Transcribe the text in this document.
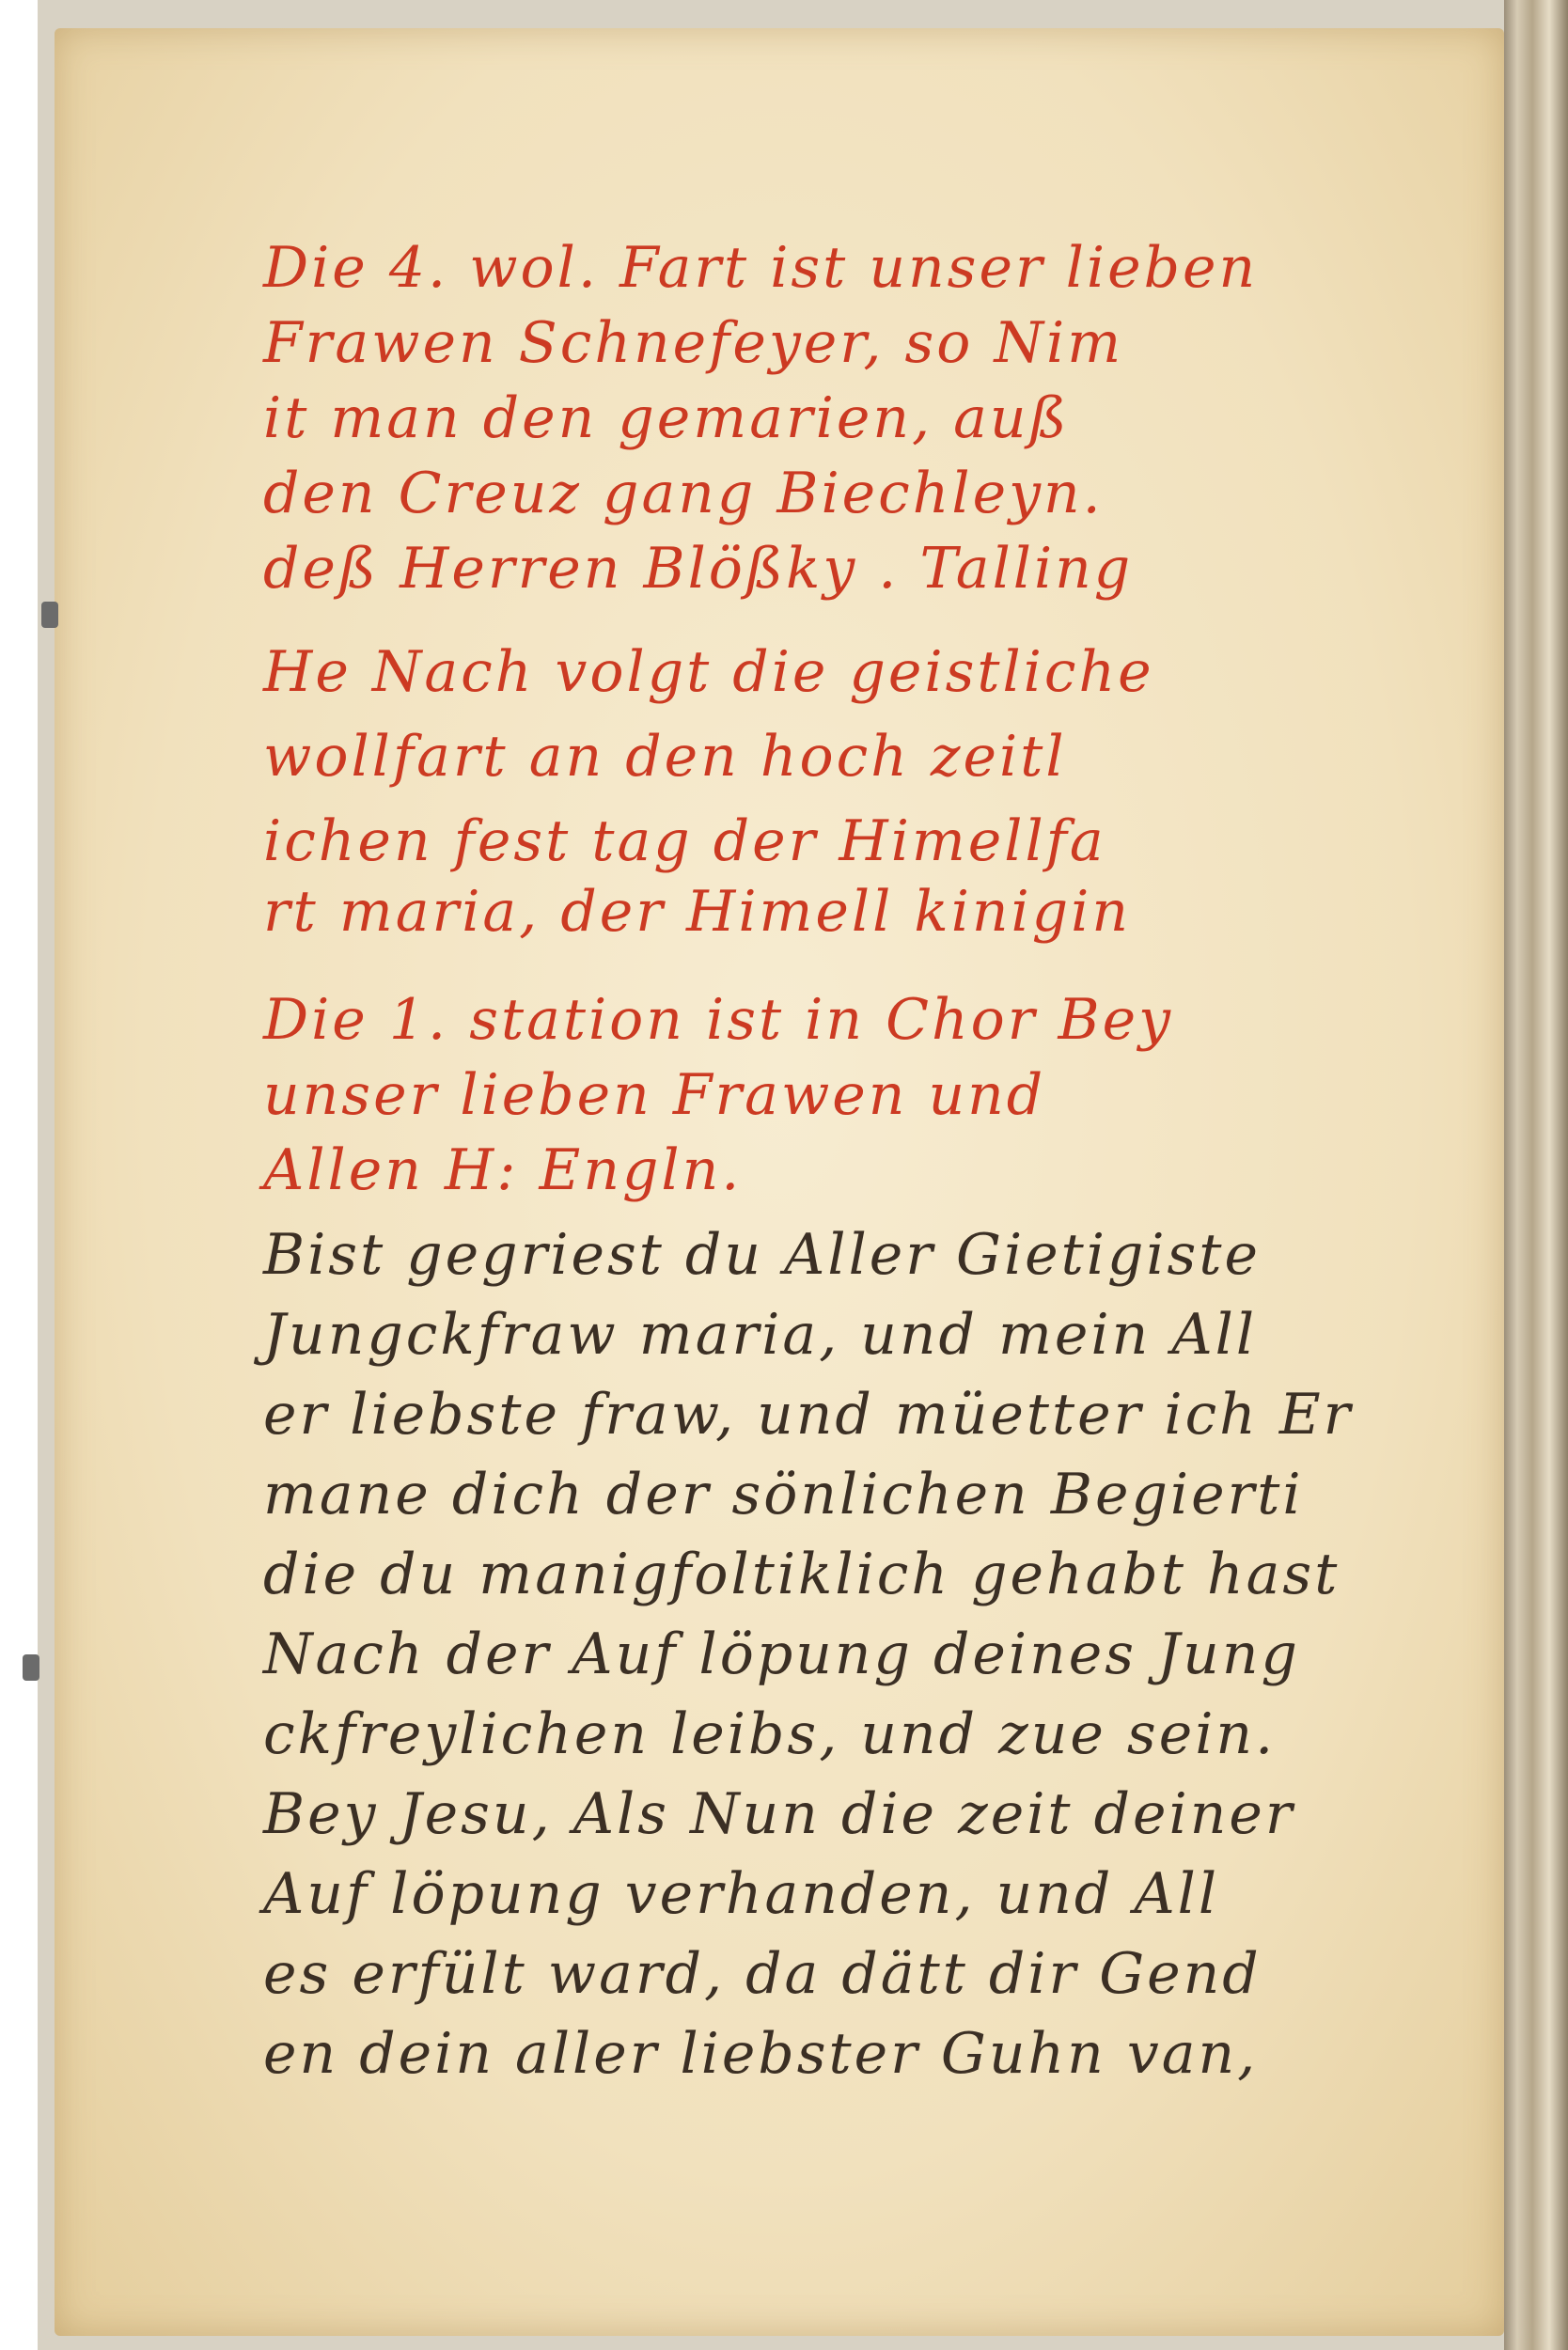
Die 4. wol. Fart ist unser lieben
Frawen Schnefeyer, so Nim
it man den gemarien, auß
den Creuz gang Biechleyn.
deß Herren Blößky . Talling
He Nach volgt die geistliche
wollfart an den hoch zeitl
ichen fest tag der Himellfa
rt maria, der Himell kinigin
Die 1. station ist in Chor Bey
unser lieben Frawen und
Allen H: Engln.
Bist gegriest du Aller Gietigiste
Jungckfraw maria, und mein All
er liebste fraw, und müetter ich Er
mane dich der sönlichen Begierti
die du manigfoltiklich gehabt hast
Nach der Auf löpung deines Jung
ckfreylichen leibs, und zue sein.
Bey Jesu, Als Nun die zeit deiner
Auf löpung verhanden, und All
es erfült ward, da dätt dir Gend
en dein aller liebster Guhn van,
